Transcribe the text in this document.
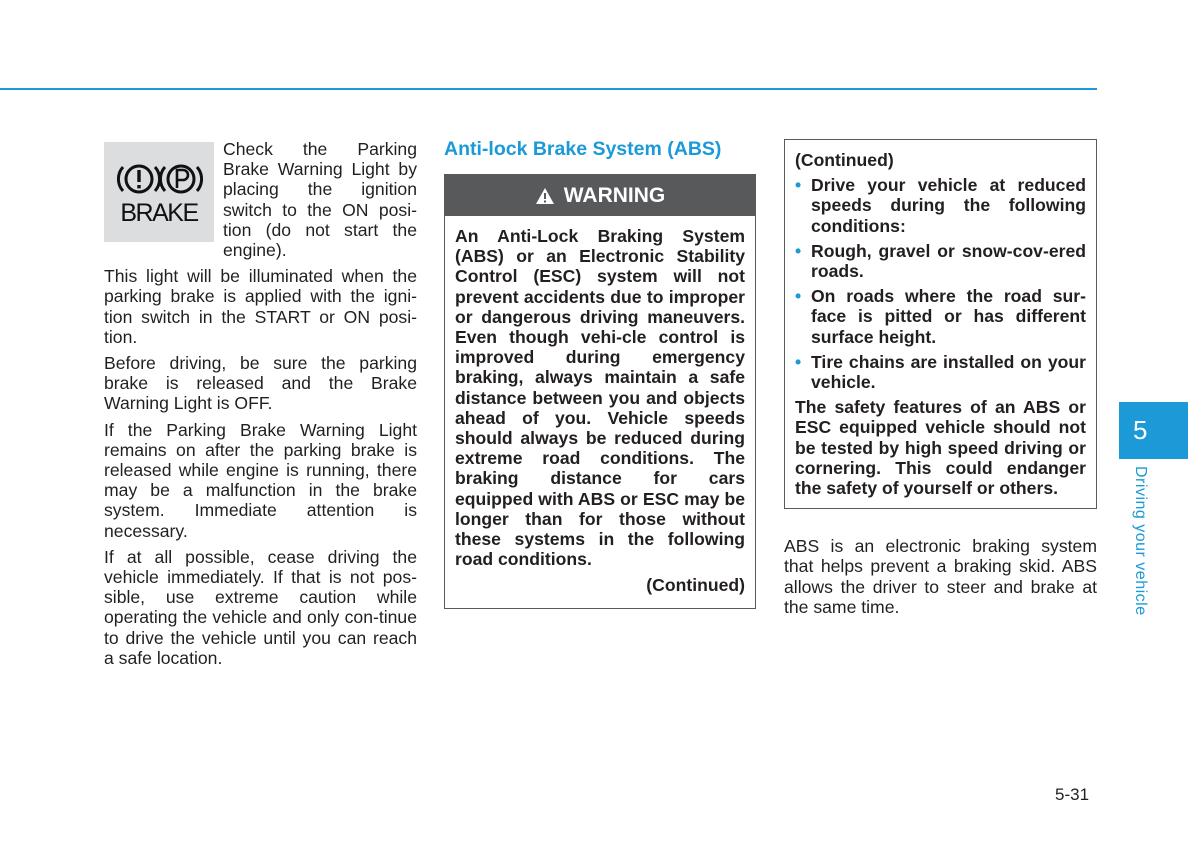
BRAKE
Check the Parking Brake Warning Light by placing the ignition switch to the ON posi-tion (do not start the engine).

This light will be illuminated when the parking brake is applied with the igni-tion switch in the START or ON posi-tion.

Before driving, be sure the parking brake is released and the Brake Warning Light is OFF.

If the Parking Brake Warning Light remains on after the parking brake is released while engine is running, there may be a malfunction in the brake system. Immediate attention is necessary.

If at all possible, cease driving the vehicle immediately. If that is not pos-sible, use extreme caution while operating the vehicle and only con-tinue to drive the vehicle until you can reach a safe location.

Anti-lock Brake System (ABS)
WARNING
An Anti-Lock Braking System (ABS) or an Electronic Stability Control (ESC) system will not prevent accidents due to improper or dangerous driving maneuvers. Even though vehi-cle control is improved during emergency braking, always maintain a safe distance between you and objects ahead of you. Vehicle speeds should always be reduced during extreme road conditions. The braking distance for cars equipped with ABS or ESC may be longer than for those without these systems in the following road conditions.
(Continued)
(Continued)
• Drive your vehicle at reduced speeds during the following conditions:
• Rough, gravel or snow-cov-ered roads.
• On roads where the road sur-face is pitted or has different surface height.
• Tire chains are installed on your vehicle.
The safety features of an ABS or ESC equipped vehicle should not be tested by high speed driving or cornering. This could endanger the safety of yourself or others.
ABS is an electronic braking system that helps prevent a braking skid. ABS allows the driver to steer and brake at the same time.
5
Driving your vehicle
5-31
